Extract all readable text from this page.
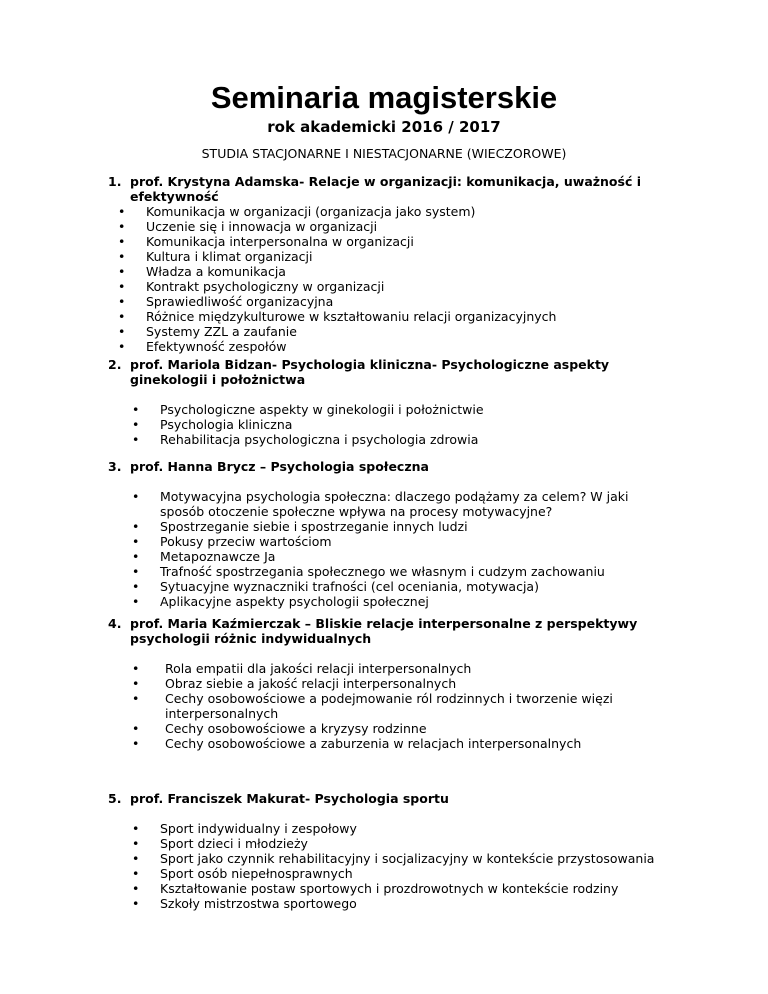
Seminaria magisterskie

rok akademicki 2016 / 2017

STUDIA STACJONARNE I NIESTACJONARNE (WIECZOROWE)

1. prof. Krystyna Adamska- Relacje w organizacji: komunikacja, uważność i efektywność

• Komunikacja w organizacji (organizacja jako system)
• Uczenie się i innowacja w organizacji
• Komunikacja interpersonalna w organizacji
• Kultura i klimat organizacji
• Władza a komunikacja
• Kontrakt psychologiczny w organizacji
• Sprawiedliwość organizacyjna
• Różnice międzykulturowe w kształtowaniu relacji organizacyjnych
• Systemy ZZL a zaufanie
• Efektywność zespołów

2. prof. Mariola Bidzan- Psychologia kliniczna- Psychologiczne aspekty ginekologii i położnictwa

• Psychologiczne aspekty w ginekologii i położnictwie
• Psychologia kliniczna
• Rehabilitacja psychologiczna i psychologia zdrowia

3. prof. Hanna Brycz – Psychologia społeczna

• Motywacyjna psychologia społeczna: dlaczego podążamy za celem? W jaki sposób otoczenie społeczne wpływa na procesy motywacyjne?
• Spostrzeganie siebie i spostrzeganie innych ludzi
• Pokusy przeciw wartościom
• Metapoznawcze Ja
• Trafność spostrzegania społecznego we własnym i cudzym zachowaniu
• Sytuacyjne wyznaczniki trafności (cel oceniania, motywacja)
• Aplikacyjne aspekty psychologii społecznej

4. prof. Maria Kaźmierczak – Bliskie relacje interpersonalne z perspektywy psychologii różnic indywidualnych

• Rola empatii dla jakości relacji interpersonalnych
• Obraz siebie a jakość relacji interpersonalnych
• Cechy osobowościowe a podejmowanie ról rodzinnych i tworzenie więzi interpersonalnych
• Cechy osobowościowe a kryzysy rodzinne
• Cechy osobowościowe a zaburzenia w relacjach interpersonalnych

5. prof. Franciszek Makurat- Psychologia sportu

• Sport indywidualny i zespołowy
• Sport dzieci i młodzieży
• Sport jako czynnik rehabilitacyjny i socjalizacyjny w kontekście przystosowania
• Sport osób niepełnosprawnych
• Kształtowanie postaw sportowych i prozdrowotnych w kontekście rodziny
• Szkoły mistrzostwa sportowego
